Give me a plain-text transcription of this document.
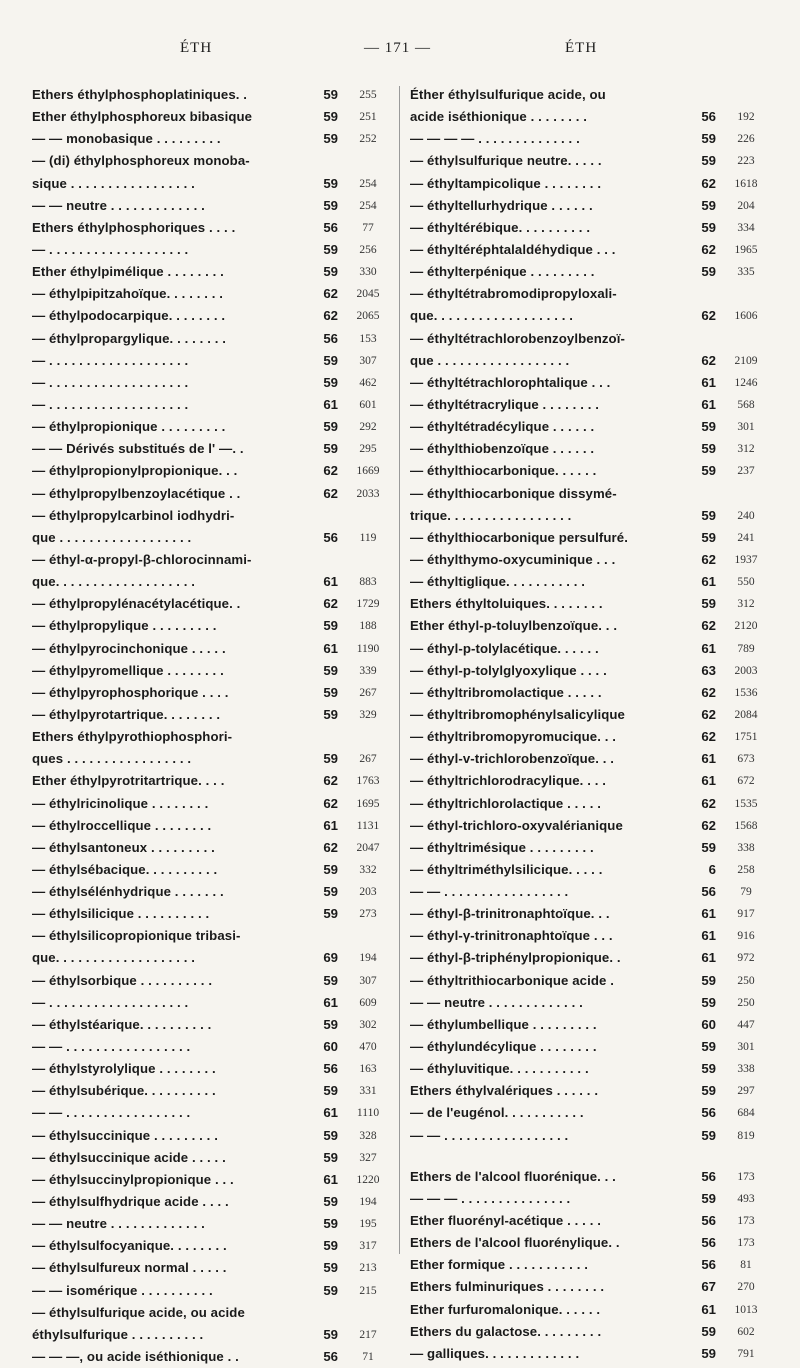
ÉTH	— 171 —	ÉTH
Ethers éthylphosphoplatiniques. .	59	255
Ether éthylphosphoreux bibasique	59	251
— — monobasique . . . . . . . . .	59	252
— (di) éthylphosphoreux monoba-
sique . . . . . . . . . . . . . . . . .	59	254
— — neutre . . . . . . . . . . . . .	59	254
Ethers éthylphosphoriques . . . .	56	77
— . . . . . . . . . . . . . . . . . . .	59	256
Ether éthylpimélique . . . . . . . .	59	330
— éthylpipitzahoïque. . . . . . . .	62	2045
— éthylpodocarpique. . . . . . . .	62	2065
— éthylpropargylique. . . . . . . .	56	153
— . . . . . . . . . . . . . . . . . . .	59	307
— . . . . . . . . . . . . . . . . . . .	59	462
— . . . . . . . . . . . . . . . . . . .	61	601
— éthylpropionique . . . . . . . . .	59	292
— — Dérivés substitués de l' —. .	59	295
— éthylpropionylpropionique. . .	62	1669
— éthylpropylbenzoylacétique . .	62	2033
— éthylpropylcarbinol iodhydri-
que . . . . . . . . . . . . . . . . . .	56	119
— éthyl-α-propyl-β-chlorocinnami-
que. . . . . . . . . . . . . . . . . . .	61	883
— éthylpropylénacétylacétique. .	62	1729
— éthylpropylique . . . . . . . . .	59	188
— éthylpyrocinchonique . . . . .	61	1190
— éthylpyromellique . . . . . . . .	59	339
— éthylpyrophosphorique . . . .	59	267
— éthylpyrotartrique. . . . . . . .	59	329
Ethers éthylpyrothiophosphori-
ques . . . . . . . . . . . . . . . . .	59	267
Ether éthylpyrotritartrique. . . .	62	1763
— éthylricinolique . . . . . . . .	62	1695
— éthylroccellique . . . . . . . .	61	1131
— éthylsantoneux . . . . . . . . .	62	2047
— éthylsébacique. . . . . . . . . .	59	332
— éthylsélénhydrique . . . . . . .	59	203
— éthylsilicique . . . . . . . . . .	59	273
— éthylsilicopropionique tribasi-
que. . . . . . . . . . . . . . . . . . .	69	194
— éthylsorbique . . . . . . . . . .	59	307
— . . . . . . . . . . . . . . . . . . .	61	609
— éthylstéarique. . . . . . . . . .	59	302
— — . . . . . . . . . . . . . . . . .	60	470
— éthylstyrolylique . . . . . . . .	56	163
— éthylsubérique. . . . . . . . . .	59	331
— — . . . . . . . . . . . . . . . . .	61	1110
— éthylsuccinique . . . . . . . . .	59	328
— éthylsuccinique acide . . . . .	59	327
— éthylsuccinylpropionique . . .	61	1220
— éthylsulfhydrique acide . . . .	59	194
— — neutre . . . . . . . . . . . . .	59	195
— éthylsulfocyanique. . . . . . . .	59	317
— éthylsulfureux normal . . . . .	59	213
— — isomérique . . . . . . . . . .	59	215
— éthylsulfurique acide, ou acide
éthylsulfurique . . . . . . . . . .	59	217
— — —, ou acide iséthionique . .	56	71
Éther éthylsulfurique acide, ou
acide iséthionique . . . . . . . .	56	192
— — — — . . . . . . . . . . . . . .	59	226
— éthylsulfurique neutre. . . . .	59	223
— éthyltampicolique . . . . . . . .	62	1618
— éthyltellurhydrique . . . . . .	59	204
— éthyltérébique. . . . . . . . . .	59	334
— éthyltéréphtalaldéhydique . . .	62	1965
— éthylterpénique . . . . . . . . .	59	335
— éthyltétrabromodipropyloxali-
que. . . . . . . . . . . . . . . . . . .	62	1606
— éthyltétrachlorobenzoylbenzoï-
que . . . . . . . . . . . . . . . . . .	62	2109
— éthyltétrachlorophtalique . . .	61	1246
— éthyltétracrylique . . . . . . . .	61	568
— éthyltétradécylique . . . . . .	59	301
— éthylthiobenzoïque . . . . . .	59	312
— éthylthiocarbonique. . . . . .	59	237
— éthylthiocarbonique dissymé-
trique. . . . . . . . . . . . . . . . .	59	240
— éthylthiocarbonique persulfuré.	59	241
— éthylthymo-oxycuminique . . .	62	1937
— éthyltiglique. . . . . . . . . . .	61	550
Ethers éthyltoluiques. . . . . . . .	59	312
Ether éthyl-p-toluylbenzoïque. . .	62	2120
— éthyl-p-tolylacétique. . . . . .	61	789
— éthyl-p-tolylglyoxylique . . . .	63	2003
— éthyltribromolactique . . . . .	62	1536
— éthyltribromophénylsalicylique	62	2084
— éthyltribromopyromucique. . .	62	1751
— éthyl-v-trichlorobenzoïque. . .	61	673
— éthyltrichlorodracylique. . . .	61	672
— éthyltrichlorolactique . . . . .	62	1535
— éthyl-trichloro-oxyvalérianique	62	1568
— éthyltrimésique . . . . . . . . .	59	338
— éthyltriméthylsilicique. . . . .	6	258
— — . . . . . . . . . . . . . . . . .	56	79
— éthyl-β-trinitronaphtoïque. . .	61	917
— éthyl-γ-trinitronaphtoïque . . .	61	916
— éthyl-β-triphénylpropionique. .	61	972
— éthyltrithiocarbonique acide .	59	250
— — neutre . . . . . . . . . . . . .	59	250
— éthylumbellique . . . . . . . . .	60	447
— éthylundécylique . . . . . . . .	59	301
— éthyluvitique. . . . . . . . . . .	59	338
Ethers éthylvalériques . . . . . .	59	297
— de l'eugénol. . . . . . . . . . .	56	684
— — . . . . . . . . . . . . . . . . .	59	819
Ethers de l'alcool fluorénique. . .	56	173
— — — . . . . . . . . . . . . . . .	59	493
Ether fluorényl-acétique . . . . .	56	173
Ethers de l'alcool fluorénylique. .	56	173
Ether formique . . . . . . . . . . .	56	81
Ethers fulminuriques . . . . . . . .	67	270
Ether furfuromalonique. . . . . .	61	1013
Ethers du galactose. . . . . . . . .	59	602
— galliques. . . . . . . . . . . . .	59	791
